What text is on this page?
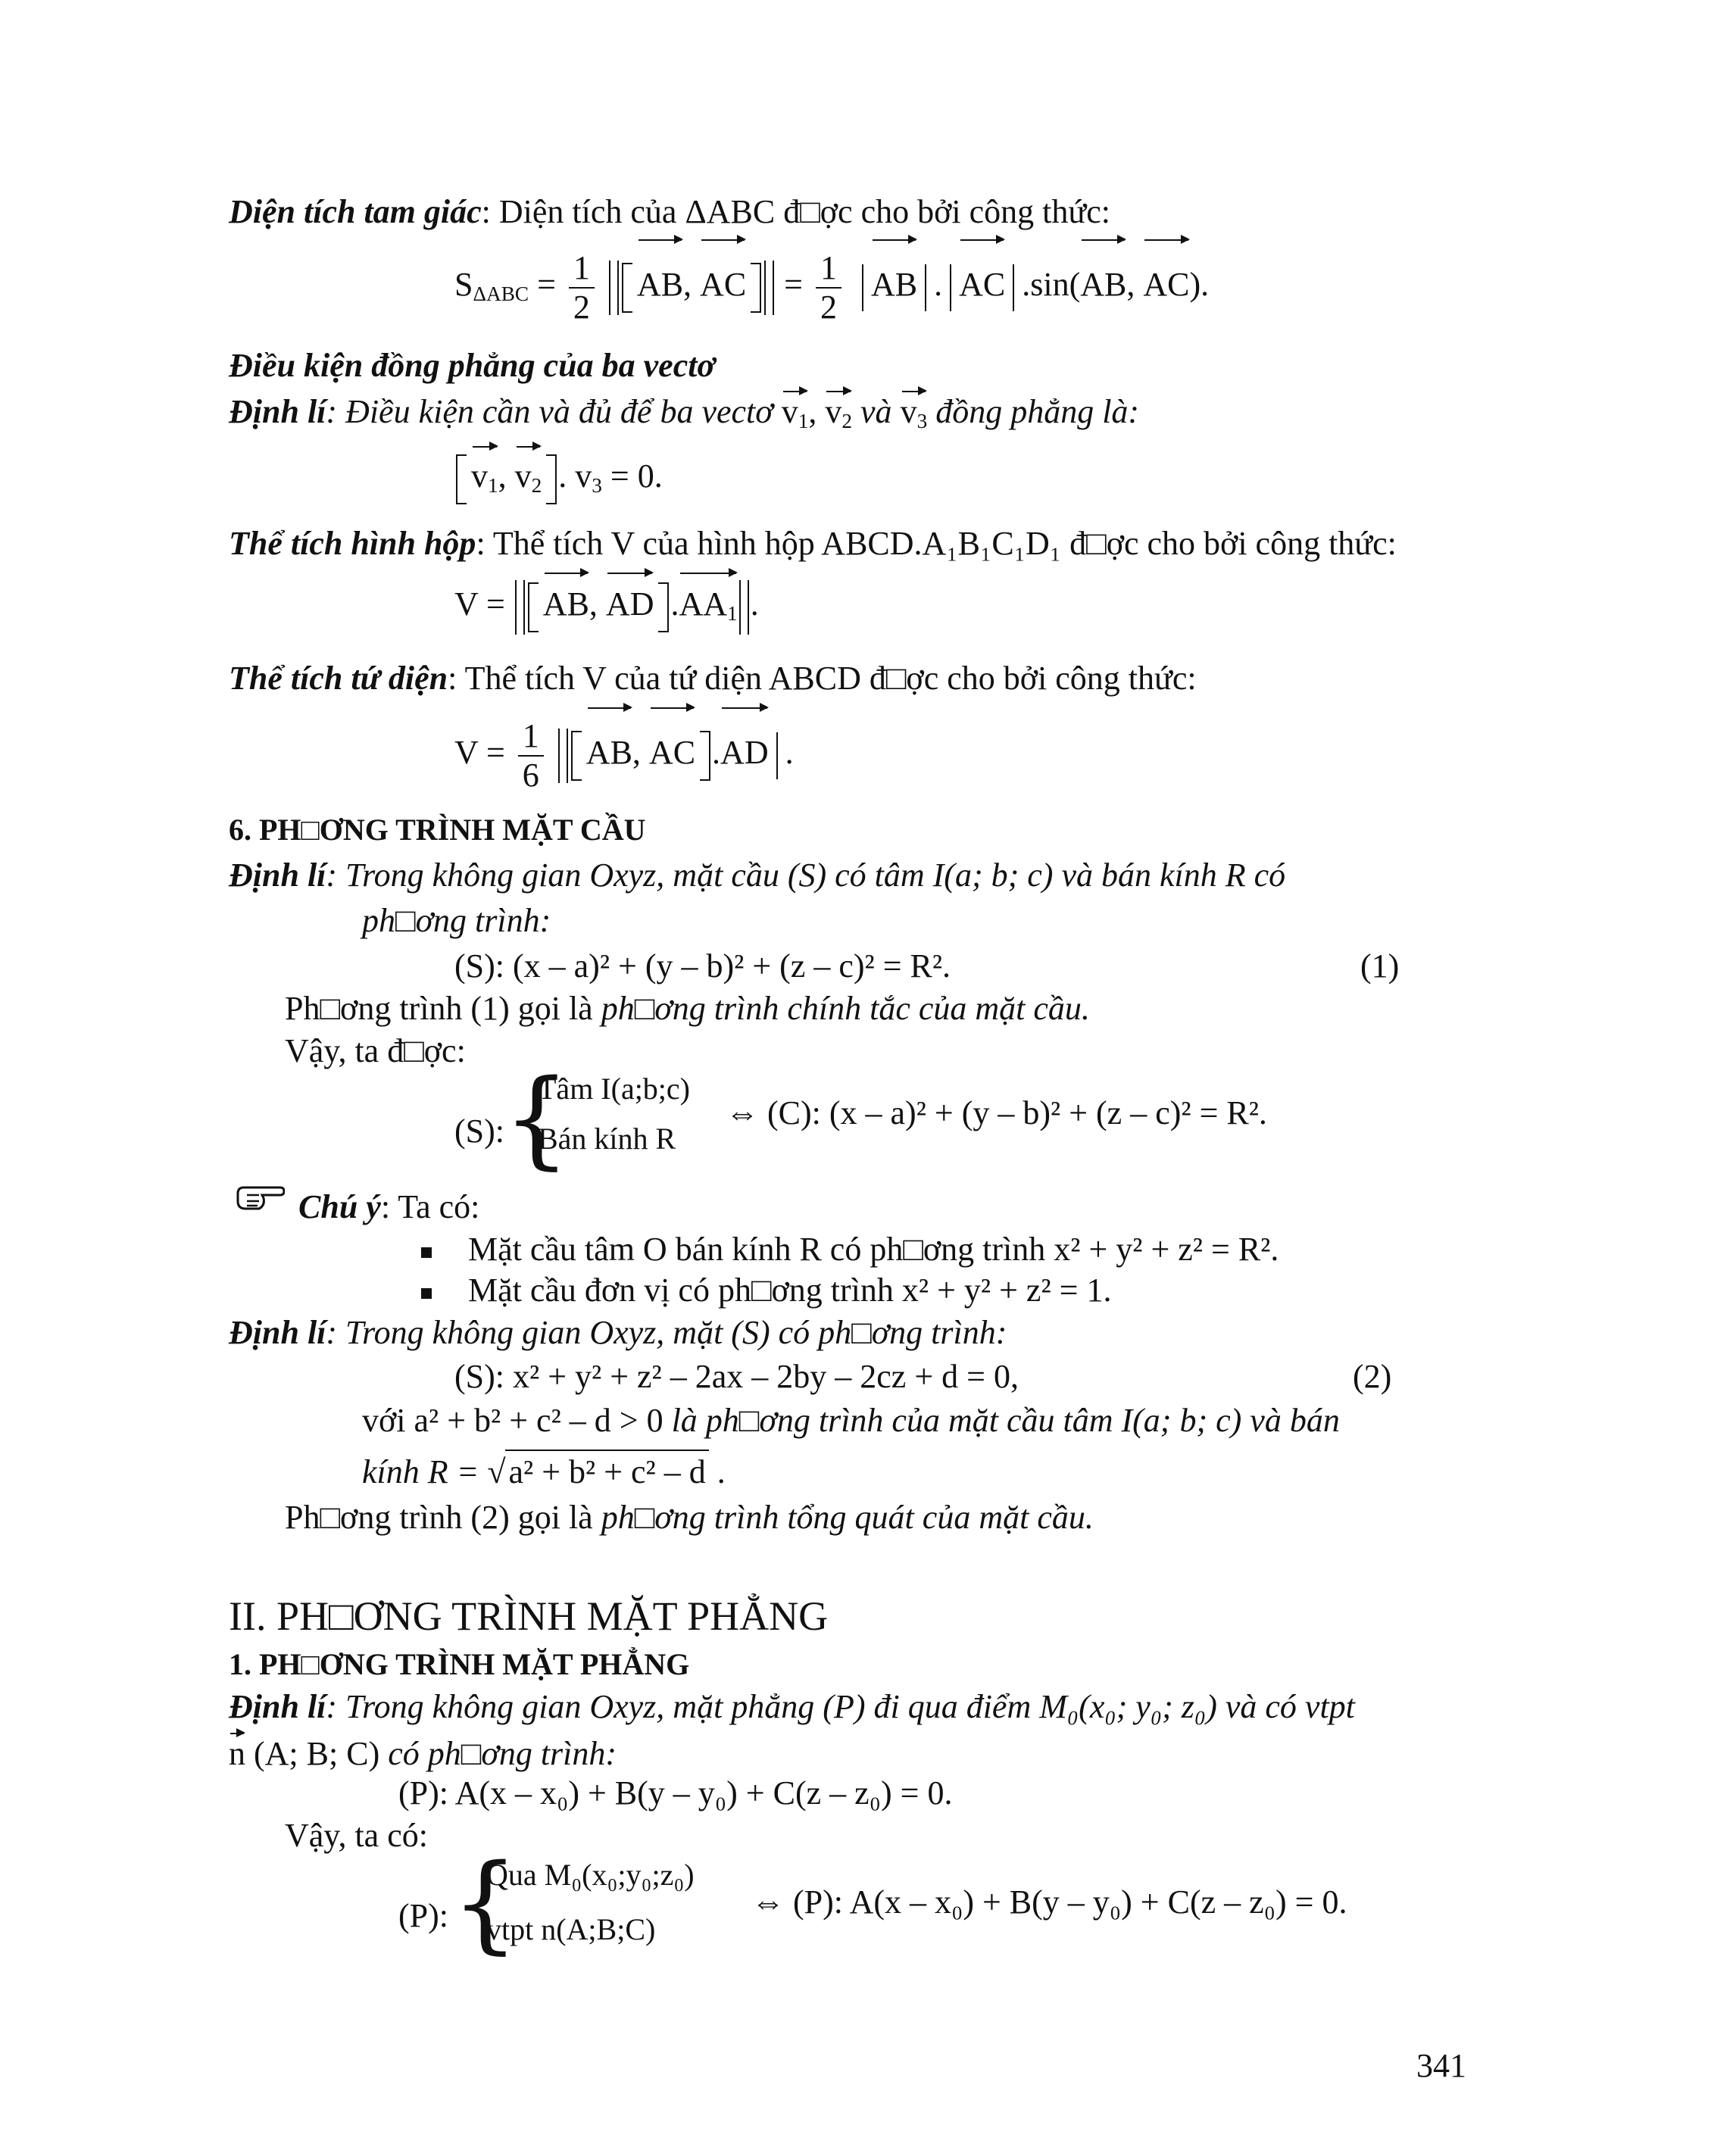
Diện tích tam giác: Diện tích của ΔABC đ□ợc cho bởi công thức:
$S_{\Delta ABC} = \frac{1}{2}$ AB, AC = $\frac{1}{2}$ AB . AC .sin(AB, AC).
Điều kiện đồng phẳng của ba vectơ
Định lí: Điều kiện cần và đủ để ba vectơ $v_1$, $v_2$ và $v_3$ đồng phẳng là:
$v_1$, $v_2$ . $v_3 = 0$.
Thể tích hình hộp: Thể tích V của hình hộp ABCD.A₁B₁C₁D₁ đ□ợc cho bởi công thức:
V = AB, AD $.AA_1$ .
Thể tích tứ diện: Thể tích V của tứ diện ABCD đ□ợc cho bởi công thức:
$V = \frac{1}{6}$ AB, AC .AD .
6. PH□ƠNG TRÌNH MẶT CẦU
Định lí: Trong không gian Oxyz, mặt cầu (S) có tâm I(a; b; c) và bán kính R có
ph□ơng trình:
(S): (x – a)² + (y – b)² + (z – c)² = R².	(1)
Ph□ơng trình (1) gọi là ph□ơng trình chính tắc của mặt cầu.
Vậy, ta đ□ợc:
(S):
{
Tâm I(a;b;c)
Bán kính R
⇔ (C): (x – a)² + (y – b)² + (z – c)² = R².
Chú ý: Ta có:
Mặt cầu tâm O bán kính R có ph□ơng trình x² + y² + z² = R².
Mặt cầu đơn vị có ph□ơng trình x² + y² + z² = 1.
Định lí: Trong không gian Oxyz, mặt (S) có ph□ơng trình:
(S): x² + y² + z² – 2ax – 2by – 2cz + d = 0,	(2)
với a² + b² + c² – d > 0 là ph□ơng trình của mặt cầu tâm I(a; b; c) và bán
kính R = √a² + b² + c² – d .
Ph□ơng trình (2) gọi là ph□ơng trình tổng quát của mặt cầu.
II. PH□ƠNG TRÌNH MẶT PHẲNG
1. PH□ƠNG TRÌNH MẶT PHẲNG
Định lí: Trong không gian Oxyz, mặt phẳng (P) đi qua điểm M₀(x₀; y₀; z₀) và có vtpt
n (A; B; C) có ph□ơng trình:
(P): A(x – x₀) + B(y – y₀) + C(z – z₀) = 0.
Vậy, ta có:
(P): {
Qua M₀(x₀;y₀;z₀)
vtpt n(A;B;C)
⇔ (P): A(x – x₀) + B(y – y₀) + C(z – z₀) = 0.
341
